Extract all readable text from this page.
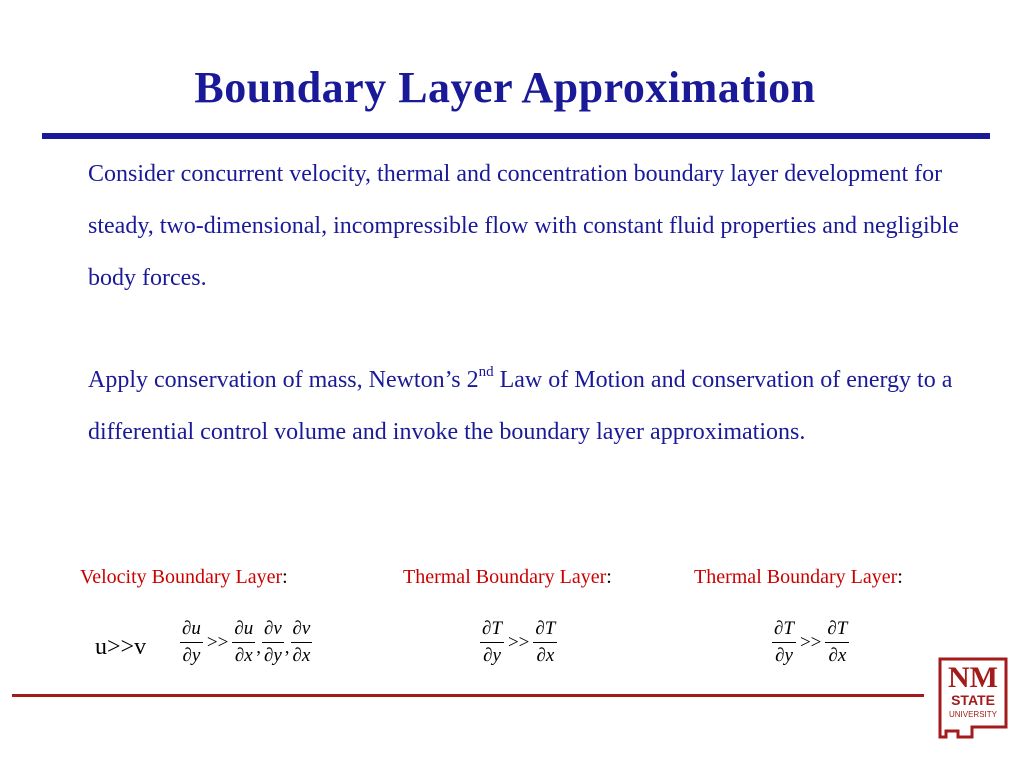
Boundary Layer Approximation
Consider concurrent velocity, thermal and concentration boundary layer development for steady, two-dimensional, incompressible flow with constant fluid properties and negligible body forces.
Apply conservation of mass, Newton’s 2nd Law of Motion and conservation of energy to a differential control volume and invoke the boundary layer approximations.
Velocity Boundary Layer:	Thermal Boundary Layer:	Thermal Boundary Layer:
$u>>v \frac{\partial u}{\partial y} >> \frac{\partial u}{\partial x}$ , $\frac{\partial v}{\partial y}$ , $\frac{\partial v}{\partial x}$	$\frac{\partial T}{\partial y} >> \frac{\partial T}{\partial x}$	$\frac{\partial T}{\partial y} >> \frac{\partial T}{\partial x}$
NM
STATE
UNIVERSITY
